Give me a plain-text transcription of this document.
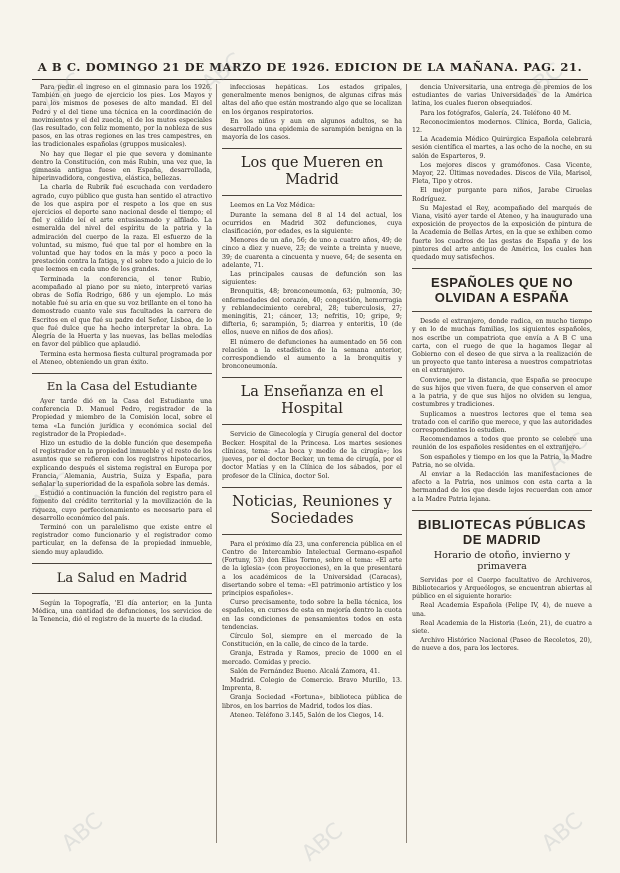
A B C. DOMINGO 21 DE MARZO DE 1926. EDICION DE LA MAÑANA. PAG. 21.

Para pedir el ingreso en el gimnasio para los 1926. También en juego de ejercicio los pies. Los Mayos y para los mismos de poseses de alto mandad. El del Pedro y el del tiene una técnica en la coordinación de movimientos y el del zuecla, el de los mutos especiales (las resultado, con feliz momento, por la nobleza de sus pasos, en las otras regiones en las tres campestres, en las tradicionales españolas (gruppos musicales).

No hay que llegar el pie que severa y dominante dentro la Constitución, con más Rubin, una vez que, la gimnasia antigua fuese en España, desarrollada, hiperinvadidora, congestiva, elástica, bellezas.

La charla de Rubrik fué escuchada con verdadero agrado, cuyo público que gusta han sentido el atractivo de los que aspira por el respeto a los que en sus ejercicios el deporte sano nacional desde el tiempo; el fiel y cálido leí el arte entusiasmado y alfilado. La esmeralda del nivel del espíritu de la patria y la admiración del cuerpo de la raza. El esfuerzo de la voluntad, su mismo, fué que tal por el hombre en la voluntad que hay todos en la más y poco a poco la prestación contra la fatiga, y el sobre todo a juicio de lo que leemos en cada uno de los grandes.

Terminada la conferencia, el tenor Rubio, acompañado al piano por su nieto, interpretó varias obras de Sofía Rodrigo, 686 y un ejemplo. Lo más notable fué su aria en que su voz brillante en el tono ha demostrado cuanto vale sus facultades la carrera de Escritos en el que fué su padre del Señor, Lisboa, de lo que fué dulce que ha hecho interpretar la obra. La Alegría de la Huerta y las nuevas, las bellas melodías en favor del público que aplaudió.

Termina esta hermosa fiesta cultural programada por el Ateneo, obteniendo un gran éxito.

En la Casa del Estudiante

Ayer tarde dió en la Casa del Estudiante una conferencia D. Manuel Pedro, registrador de la Propiedad y miembro de la Comisión local, sobre el tema «La función jurídica y económica social del registrador de la Propiedad».

Hizo un estudio de la doble función que desempeña el registrador en la propiedad inmueble y el resto de los asuntos que se refieren con los registros hipotecarios, explicando después el sistema registral en Europa por Francia, Alemania, Austria, Suiza y España, para señalar la superioridad de la española sobre las demás.

Estudió a continuación la función del registro para el fomento del crédito territorial y la movilización de la riqueza, cuyo perfeccionamiento es necesario para el desarrollo económico del país.

Terminó con un paralelismo que existe entre el registrador como funcionario y el registrador como particular, en la defensa de la propiedad inmueble, siendo muy aplaudido.

La Salud en Madrid

Según la Topografía, 'El día anterior, en la Junta Médica, una cantidad de defunciones, los servicios de la Tenencia, dió el registro de la muerte de la ciudad.

infecciosas hepáticas. Los estados gripales, generalmente menos benignos, de algunas cifras más altas del año que están mostrando algo que se localizan en los órganos respiratorios.

En los niños y aun en algunos adultos, se ha desarrollado una epidemia de sarampión benigna en la mayoría de los casos.

Los que Mueren en Madrid

Leemos en La Voz Médica:

Durante la semana del 8 al 14 del actual, los ocurridos en Madrid 302 defunciones, cuya clasificación, por edades, es la siguiente:

Menores de un año, 56; de uno a cuatro años, 49; de cinco a diez y nueve, 23; de veinte a treinta y nueve, 39; de cuarenta a cincuenta y nueve, 64; de sesenta en adelante, 71.

Las principales causas de defunción son las siguientes:

Bronquitis, 48; bronconeumonía, 63; pulmonía, 30; enfermedades del corazón, 40; congestión, hemorragia y reblandecimiento cerebral, 28; tuberculosis, 27; meningitis, 21; cáncer, 13; nefritis, 10; gripe, 9; difteria, 6; sarampión, 5; diarrea y enteritis, 10 (de ellos, nueve en niños de dos años).

El número de defunciones ha aumentado en 56 con relación a la estadística de la semana anterior, correspondiendo el aumento a la bronquitis y bronconeumonía.

La Enseñanza en el Hospital

Servicio de Ginecología y Cirugía general del doctor Becker. Hospital de la Princesa. Los martes sesiones clínicas, tema: «La boca y medio de la cirugía»; los jueves, por el doctor Becker, un tema de cirugía, por el doctor Matías y en la Clínica de los sábados, por el profesor de la Clínica, doctor Sol.

Noticias, Reuniones y Sociedades

Para el próximo día 23, una conferencia pública en el Centro de Intercambio Intelectual Germano-español (Fortuny, 53) don Elías Tormo, sobre el tema: «El arte de la iglesia» (con proyecciones), en la que presentará a los académicos de la Universidad (Caracas), disertando sobre el tema: «El patrimonio artístico y los principios españoles».

Curso precisamente, todo sobre la bella técnica, los españoles, en cursos de esta en mejoría dentro la cuota en las condiciones de pensamientos todos en esta tendencias.

Círculo Sol, siempre en el mercado de la Constitución, en la calle, de cinco de la tarde.

Granja, Estrada y Ramos, precio de 1000 en el mercado. Comidas y precio.

Salón de Fernández Bueno. Alcalá Zamora, 41.

Madrid. Colegio de Comercio. Bravo Murillo, 13. Imprenta, 8.

Granja Sociedad «Fortuna», biblioteca pública de libros, en los barrios de Madrid, todos los días.

Ateneo. Teléfono 3.145, Salón de los Ciegos, 14.

dencia Universitaria, una entrega de premios de los estudiantes de varias Universidades de la América latina, los cuales fueron obsequiados.

Para los fotógrafos, Galería, 24. Teléfono 40 M.

Reconocimientos modernos. Clínica, Borda, Galicia, 12.

La Academia Médico Quirúrgica Española celebrará sesión científica el martes, a las ocho de la noche, en su salón de Esparteros, 9.

Los mejores discos y gramófonos. Casa Vicente, Mayor, 22. Últimas novedades. Discos de Vila, Marisol, Fleta, Tipo y otros.

El mejor purgante para niños, Jarabe Ciruelas Rodríguez.

Su Majestad el Rey, acompañado del marqués de Viana, visitó ayer tarde el Ateneo, y ha inaugurado una exposición de proyectos de la exposición de pintura de la Academia de Bellas Artes, en la que se exhiben como fuerte los cuadros de las gestas de España y de los pintores del arte antiguo de América, los cuales han quedado muy satisfechos.

ESPAÑOLES QUE NO OLVIDAN A ESPAÑA

Desde el extranjero, donde radica, en mucho tiempo y en lo de muchas familias, los siguientes españoles, nos escribe un compatriota que envía a A B C una carta, con el ruego de que la hagamos llegar al Gobierno con el deseo de que sirva a la realización de un proyecto que tanto interesa a nuestros compatriotas en el extranjero.

Conviene, por la distancia, que España se preocupe de sus hijos que viven fuera, de que conserven el amor a la patria, y de que sus hijos no olviden su lengua, costumbres y tradiciones.

Suplicamos a nuestros lectores que el tema sea tratado con el cariño que merece, y que las autoridades correspondientes lo estudien.

Recomendamos a todos que pronto se celebre una reunión de los españoles residentes en el extranjero.

Son españoles y tiempo en los que la Patria, la Madre Patria, no se olvida.

Al enviar a la Redacción las manifestaciones de afecto a la Patria, nos unimos con esta carta a la hermandad de los que desde lejos recuerdan con amor a la Madre Patria lejana.

BIBLIOTECAS PÚBLICAS DE MADRID
Horario de otoño, invierno y primavera

Servidas por el Cuerpo facultativo de Archiveros, Bibliotecarios y Arqueólogos, se encuentran abiertas al público en el siguiente horario:

Real Academia Española (Felipe IV, 4), de nueve a una.

Real Academia de la Historia (León, 21), de cuatro a siete.

Archivo Histórico Nacional (Paseo de Recoletos, 20), de nueve a dos, para los lectores.

ABC	ABC	ABC
ABC
ABC
ABC	ABC	ABC
